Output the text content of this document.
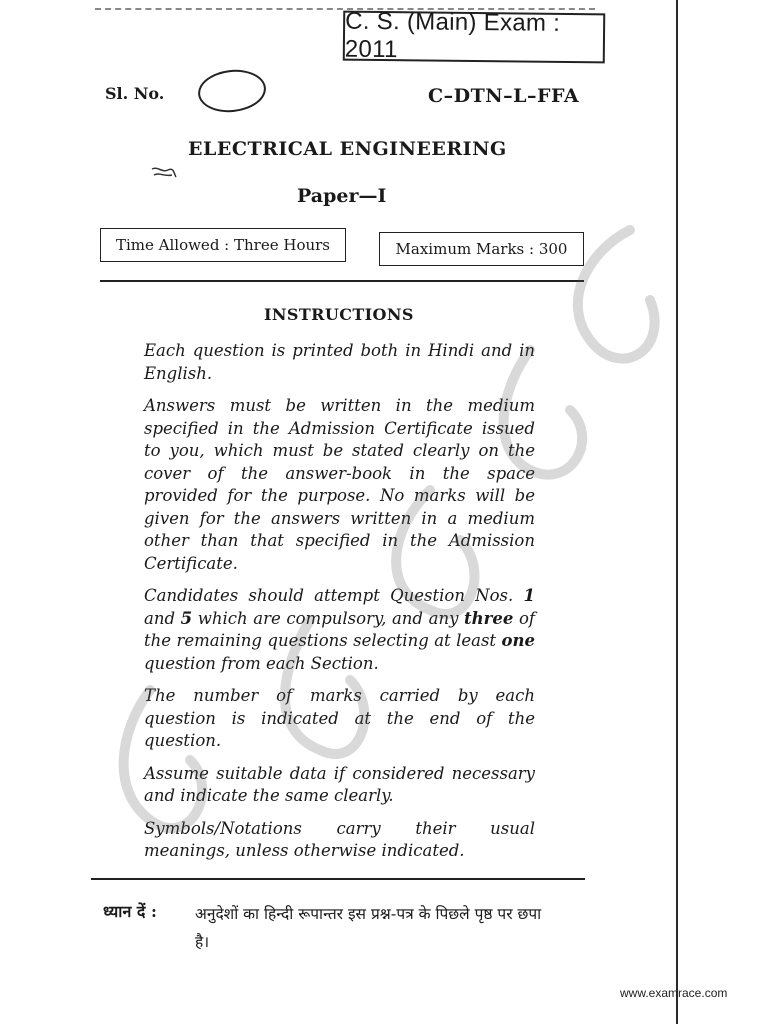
C. S. (Main) Exam : 2011
Sl. No.	C–DTN–L–FFA
ELECTRICAL ENGINEERING
Paper—I
Time Allowed : Three Hours	Maximum Marks : 300
INSTRUCTIONS

Each question is printed both in Hindi and in English.

Answers must be written in the medium specified in the Admission Certificate issued to you, which must be stated clearly on the cover of the answer-book in the space provided for the purpose. No marks will be given for the answers written in a medium other than that specified in the Admission Certificate.

Candidates should attempt Question Nos. 1 and 5 which are compulsory, and any three of the remaining questions selecting at least one question from each Section.

The number of marks carried by each question is indicated at the end of the question.

Assume suitable data if considered necessary and indicate the same clearly.

Symbols/Notations carry their usual meanings, unless otherwise indicated.

ध्यान दें : अनुदेशों का हिन्दी रूपान्तर इस प्रश्न-पत्र के पिछले पृष्ठ पर छपा है।
www.examrace.com
